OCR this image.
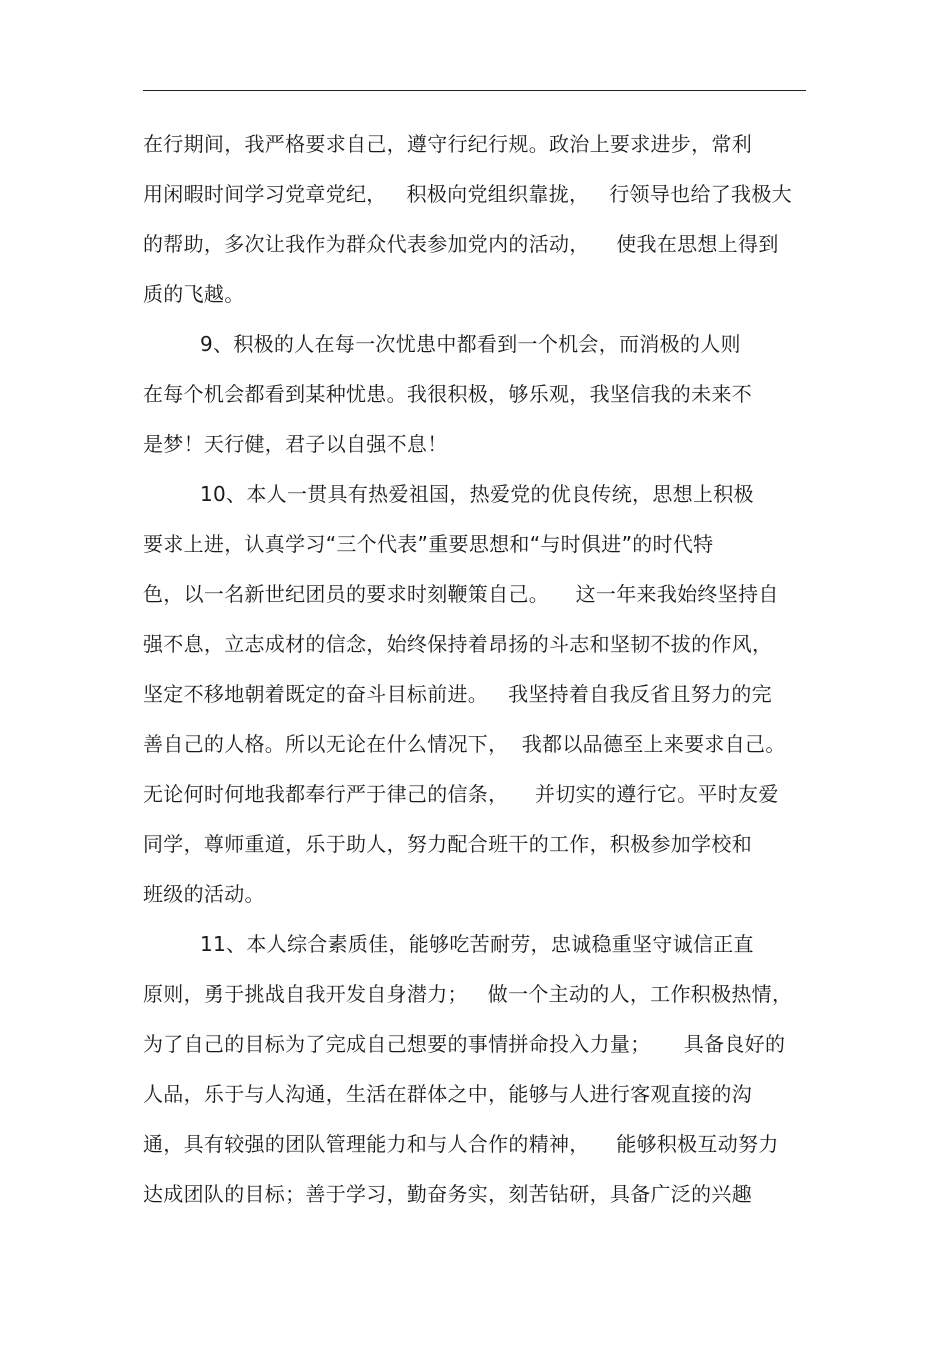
在行期间，我严格要求自己，遵守行纪行规。政治上要求进步，常利
用闲暇时间学习党章党纪，   积极向党组织靠拢，   行领导也给了我极大
的帮助，多次让我作为群众代表参加党内的活动，    使我在思想上得到
质的飞越。
9、积极的人在每一次忧患中都看到一个机会，而消极的人则
在每个机会都看到某种忧患。我很积极，够乐观，我坚信我的未来不
是梦！天行健，君子以自强不息！
10、本人一贯具有热爱祖国，热爱党的优良传统，思想上积极
要求上进，认真学习“三个代表”重要思想和“与时俱进”的时代特
色，以一名新世纪团员的要求时刻鞭策自己。    这一年来我始终坚持自
强不息，立志成材的信念，始终保持着昂扬的斗志和坚韧不拔的作风，
坚定不移地朝着既定的奋斗目标前进。   我坚持着自我反省且努力的完
善自己的人格。所以无论在什么情况下，  我都以品德至上来要求自己。
无论何时何地我都奉行严于律己的信条，    并切实的遵行它。平时友爱
同学，尊师重道，乐于助人，努力配合班干的工作，积极参加学校和
班级的活动。
11、本人综合素质佳，能够吃苦耐劳，忠诚稳重坚守诚信正直
原则，勇于挑战自我开发自身潜力；   做一个主动的人，工作积极热情，
为了自己的目标为了完成自己想要的事情拼命投入力量；     具备良好的
人品，乐于与人沟通，生活在群体之中，能够与人进行客观直接的沟
通，具有较强的团队管理能力和与人合作的精神，    能够积极互动努力
达成团队的目标；善于学习，勤奋务实，刻苦钻研，具备广泛的兴趣
